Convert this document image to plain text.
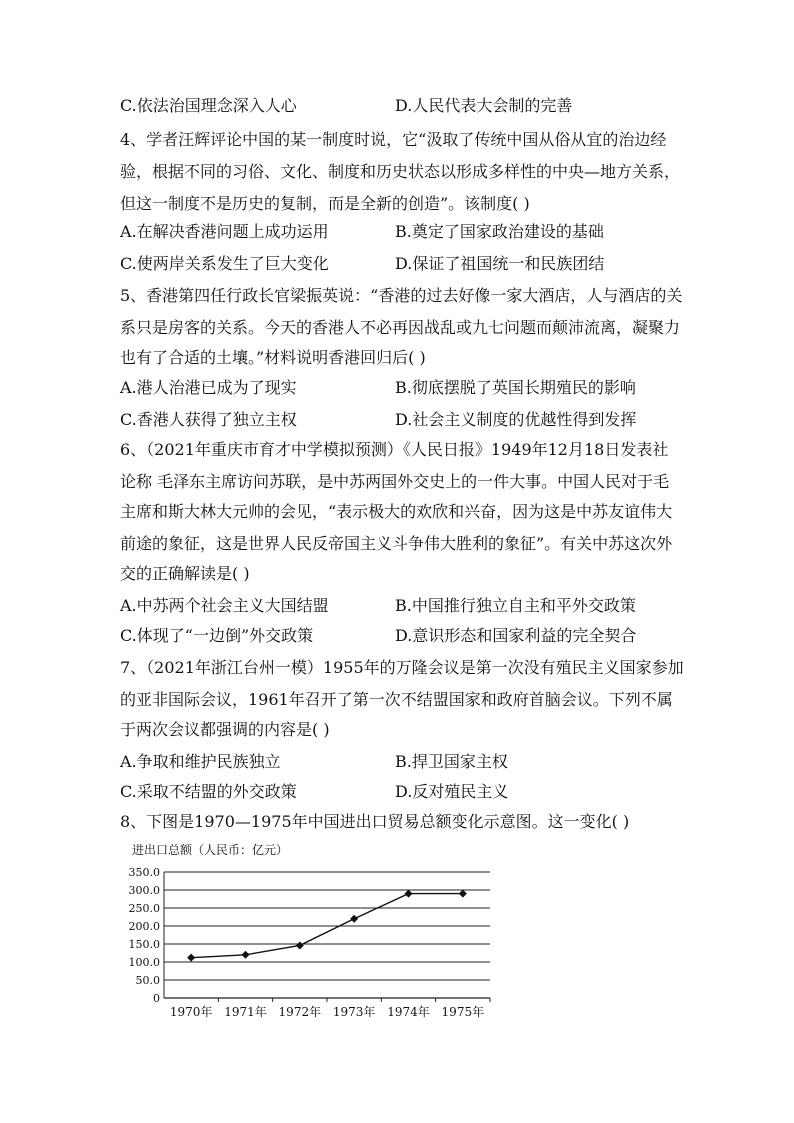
C.依法治国理念深入人心	D.人民代表大会制的完善
4、学者汪辉评论中国的某一制度时说，它“汲取了传统中国从俗从宜的治边经
验，根据不同的习俗、文化、制度和历史状态以形成多样性的中央—地方关系，
但这一制度不是历史的复制，而是全新的创造”。该制度( )
A.在解决香港问题上成功运用	B.奠定了国家政治建设的基础
C.使两岸关系发生了巨大变化	D.保证了祖国统一和民族团结
5、香港第四任行政长官梁振英说：“香港的过去好像一家大酒店，人与酒店的关
系只是房客的关系。今天的香港人不必再因战乱或九七问题而颠沛流离，凝聚力
也有了合适的土壤。”材料说明香港回归后( )
A.港人治港已成为了现实	B.彻底摆脱了英国长期殖民的影响
C.香港人获得了独立主权	D.社会主义制度的优越性得到发挥
6、（2021年重庆市育才中学模拟预测）《人民日报》1949年12月18日发表社
论称 毛泽东主席访问苏联，是中苏两国外交史上的一件大事。中国人民对于毛
主席和斯大林大元帅的会见，“表示极大的欢欣和兴奋，因为这是中苏友谊伟大
前途的象征，这是世界人民反帝国主义斗争伟大胜利的象征”。有关中苏这次外
交的正确解读是( )
A.中苏两个社会主义大国结盟	B.中国推行独立自主和平外交政策
C.体现了“一边倒”外交政策	D.意识形态和国家利益的完全契合
7、（2021年浙江台州一模）1955年的万隆会议是第一次没有殖民主义国家参加
的亚非国际会议，1961年召开了第一次不结盟国家和政府首脑会议。下列不属
于两次会议都强调的内容是( )
A.争取和维护民族独立	B.捍卫国家主权
C.采取不结盟的外交政策	D.反对殖民主义
8、下图是1970—1975年中国进出口贸易总额变化示意图。这一变化( )
进出口总额（人民币：亿元）
0
50.0
100.0
150.0
200.0
250.0
300.0
350.0
1970年 1971年 1972年 1973年 1974年 1975年
